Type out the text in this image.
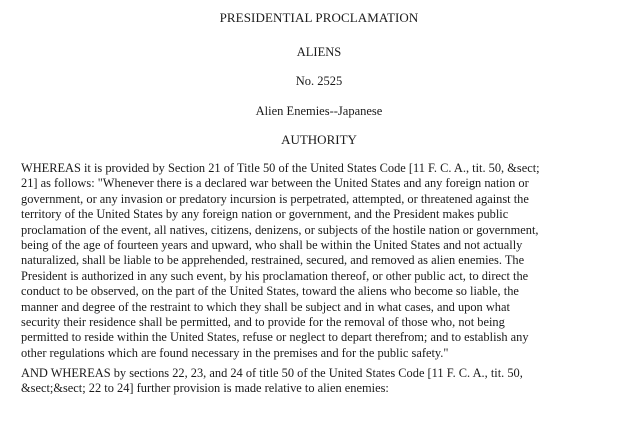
PRESIDENTIAL PROCLAMATION
ALIENS
No. 2525
Alien Enemies--Japanese
AUTHORITY
WHEREAS it is provided by Section 21 of Title 50 of the United States Code [11 F. C. A., tit. 50, &sect;
21] as follows: "Whenever there is a declared war between the United States and any foreign nation or
government, or any invasion or predatory incursion is perpetrated, attempted, or threatened against the
territory of the United States by any foreign nation or government, and the President makes public
proclamation of the event, all natives, citizens, denizens, or subjects of the hostile nation or government,
being of the age of fourteen years and upward, who shall be within the United States and not actually
naturalized, shall be liable to be apprehended, restrained, secured, and removed as alien enemies. The
President is authorized in any such event, by his proclamation thereof, or other public act, to direct the
conduct to be observed, on the part of the United States, toward the aliens who become so liable, the
manner and degree of the restraint to which they shall be subject and in what cases, and upon what
security their residence shall be permitted, and to provide for the removal of those who, not being
permitted to reside within the United States, refuse or neglect to depart therefrom; and to establish any
other regulations which are found necessary in the premises and for the public safety."
AND WHEREAS by sections 22, 23, and 24 of title 50 of the United States Code [11 F. C. A., tit. 50,
&sect;&sect; 22 to 24] further provision is made relative to alien enemies:
